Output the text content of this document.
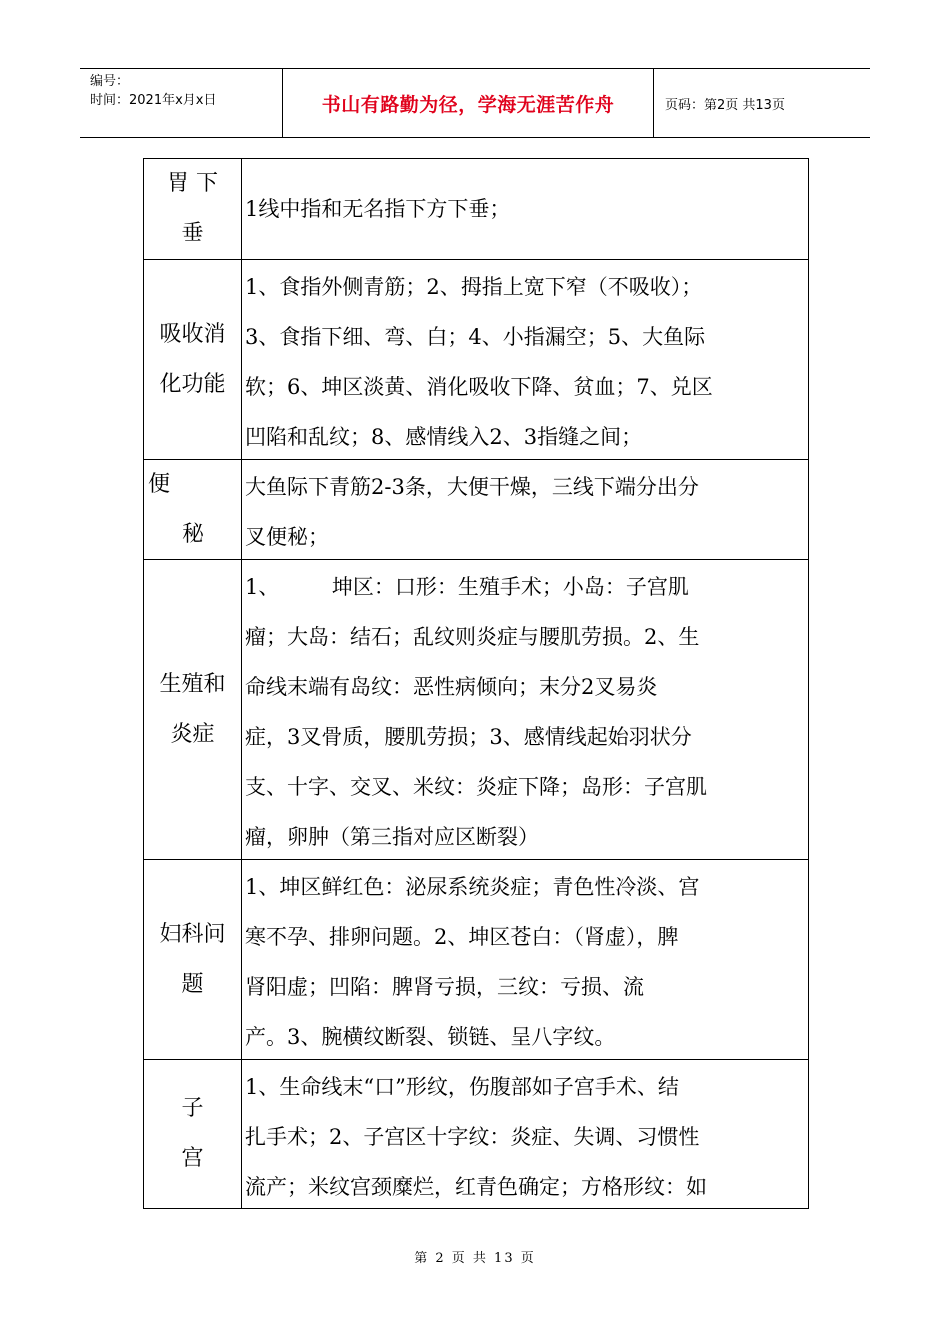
编号：
时间：2021年x月x日	书山有路勤为径，学海无涯苦作舟	页码：第2页 共13页
胃 下
垂
1线中指和无名指下方下垂；
吸收消
化功能
1、食指外侧青筋；2、拇指上宽下窄（不吸收）；
3、食指下细、弯、白；4、小指漏空；5、大鱼际
软；6、坤区淡黄、消化吸收下降、贫血；7、兑区
凹陷和乱纹；8、感情线入2、3指缝之间；
便
秘
大鱼际下青筋2-3条，大便干燥，三线下端分出分
叉便秘；
生殖和
炎症
1、　　　坤区：口形：生殖手术；小岛：子宫肌
瘤；大岛：结石；乱纹则炎症与腰肌劳损。2、生
命线末端有岛纹：恶性病倾向；末分2叉易炎
症，3叉骨质，腰肌劳损；3、感情线起始羽状分
支、十字、交叉、米纹：炎症下降；岛形：子宫肌
瘤，卵肿（第三指对应区断裂）
妇科问
题
1、坤区鲜红色：泌尿系统炎症；青色性冷淡、宫
寒不孕、排卵问题。2、坤区苍白：（肾虚），脾
肾阳虚；凹陷：脾肾亏损，三纹：亏损、流
产。3、腕横纹断裂、锁链、呈八字纹。
子
宫
1、生命线末“口”形纹，伤腹部如子宫手术、结
扎手术；2、子宫区十字纹：炎症、失调、习惯性
流产；米纹宫颈糜烂，红青色确定；方格形纹：如
第 2 页 共 13 页
